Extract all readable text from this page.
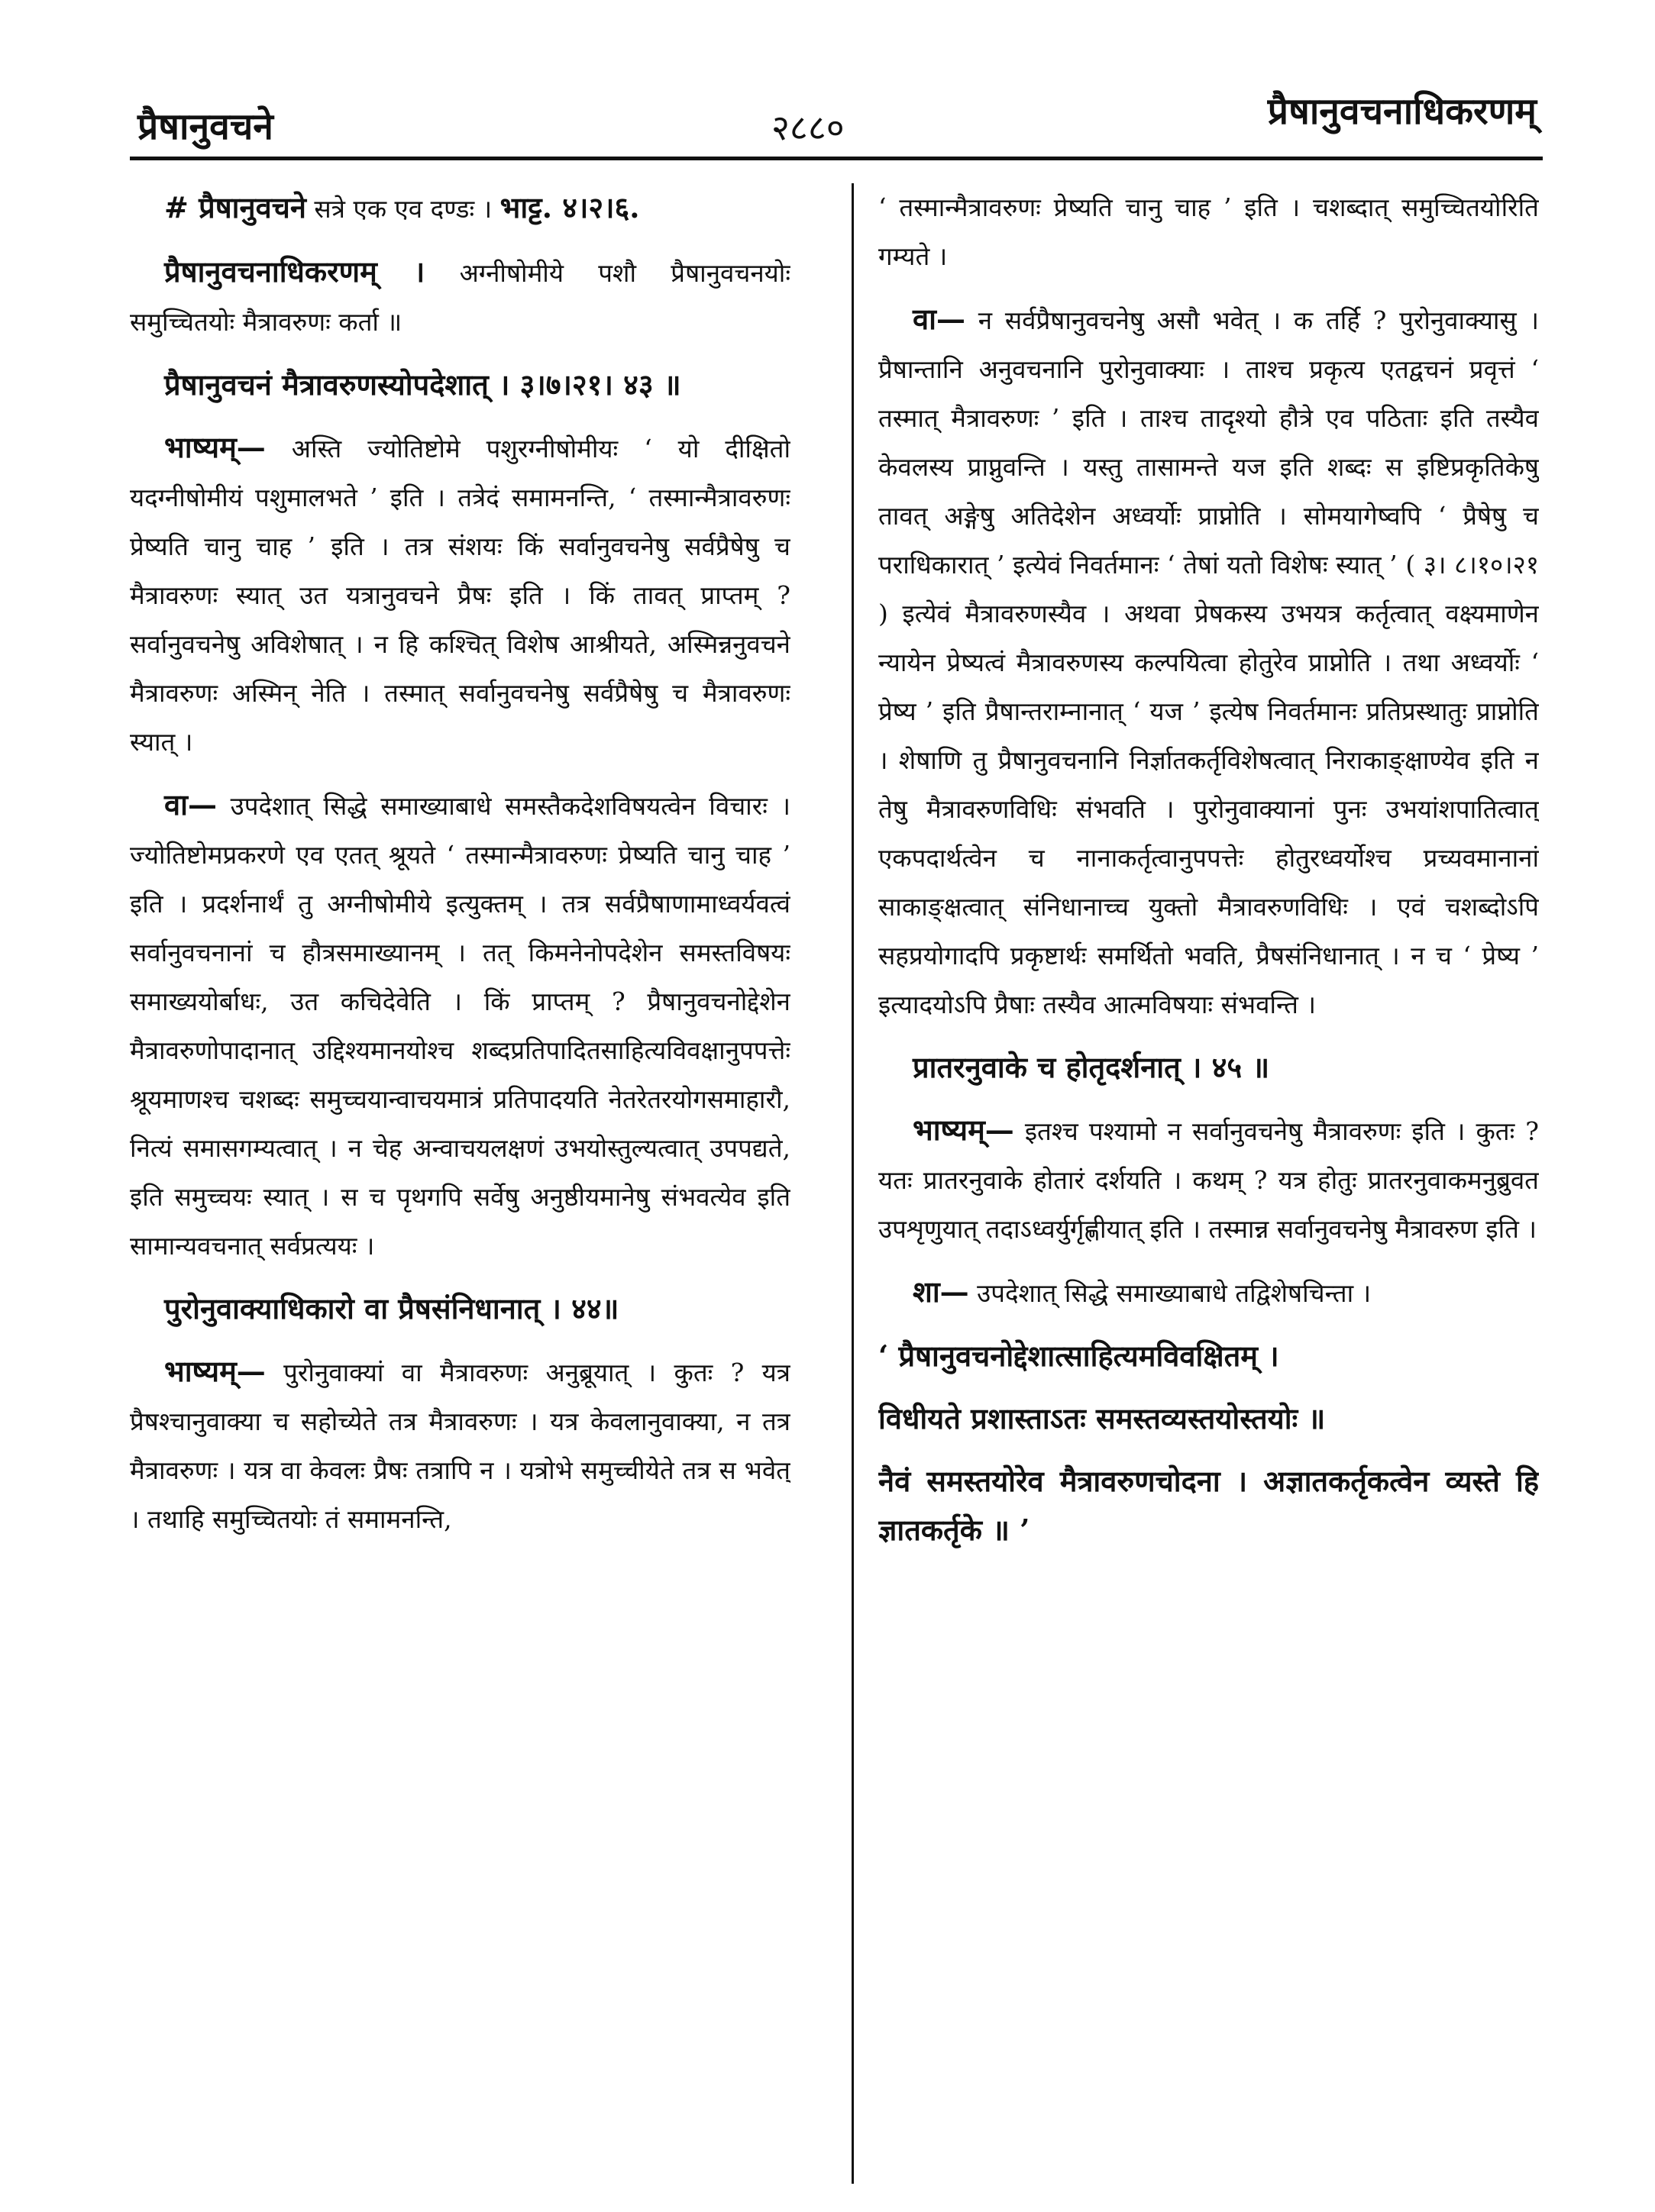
प्रैषानुवचने	२८८०	प्रैषानुवचनाधिकरणम्

# प्रैषानुवचने सत्रे एक एव दण्डः । भाट्ट. ४।२।६.

प्रैषानुवचनाधिकरणम् । अग्नीषोमीये पशौ प्रैषानुवचनयोः समुच्चितयोः मैत्रावरुणः कर्ता ॥

प्रैषानुवचनं मैत्रावरुणस्योपदेशात् । ३।७।२१। ४३ ॥

भाष्यम्— अस्ति ज्योतिष्टोमे पशुरग्नीषोमीयः ‘ यो दीक्षितो यदग्नीषोमीयं पशुमालभते ’ इति । तत्रेदं समामनन्ति, ‘ तस्मान्मैत्रावरुणः प्रेष्यति चानु चाह ’ इति । तत्र संशयः किं सर्वानुवचनेषु सर्वप्रैषेषु च मैत्रावरुणः स्यात् उत यत्रानुवचने प्रैषः इति । किं तावत् प्राप्तम् ? सर्वानुवचनेषु अविशेषात् । न हि कश्चित् विशेष आश्रीयते, अस्मिन्ननुवचने मैत्रावरुणः अस्मिन् नेति । तस्मात् सर्वानुवचनेषु सर्वप्रैषेषु च मैत्रावरुणः स्यात् ।

वा— उपदेशात् सिद्धे समाख्याबाधे समस्तैकदेशविषयत्वेन विचारः । ज्योतिष्टोमप्रकरणे एव एतत् श्रूयते ‘ तस्मान्मैत्रावरुणः प्रेष्यति चानु चाह ’ इति । प्रदर्शनार्थं तु अग्नीषोमीये इत्युक्तम् । तत्र सर्वप्रैषाणामाध्वर्यवत्वं सर्वानुवचनानां च हौत्रसमाख्यानम् । तत् किमनेनोपदेशेन समस्तविषयः समाख्ययोर्बाधः, उत कचिदेवेति । किं प्राप्तम् ? प्रैषानुवचनोद्देशेन मैत्रावरुणोपादानात् उद्दिश्यमानयोश्च शब्दप्रतिपादितसाहित्यविवक्षानुपपत्तेः श्रूयमाणश्च चशब्दः समुच्चयान्वाचयमात्रं प्रतिपादयति नेतरेतरयोगसमाहारौ, नित्यं समासगम्यत्वात् । न चेह अन्वाचयलक्षणं उभयोस्तुल्यत्वात् उपपद्यते, इति समुच्चयः स्यात् । स च पृथगपि सर्वेषु अनुष्ठीयमानेषु संभवत्येव इति सामान्यवचनात् सर्वप्रत्ययः ।

पुरोनुवाक्याधिकारो वा प्रैषसंनिधानात् । ४४॥

भाष्यम्— पुरोनुवाक्यां वा मैत्रावरुणः अनुब्रूयात् । कुतः ? यत्र प्रैषश्चानुवाक्या च सहोच्येते तत्र मैत्रावरुणः । यत्र केवलानुवाक्या, न तत्र मैत्रावरुणः । यत्र वा केवलः प्रैषः तत्रापि न । यत्रोभे समुच्चीयेते तत्र स भवेत् । तथाहि समुच्चितयोः तं समामनन्ति,

‘ तस्मान्मैत्रावरुणः प्रेष्यति चानु चाह ’ इति । चशब्दात् समुच्चितयोरिति गम्यते ।

वा— न सर्वप्रैषानुवचनेषु असौ भवेत् । क तर्हि ? पुरोनुवाक्यासु । प्रैषान्तानि अनुवचनानि पुरोनुवाक्याः । ताश्च प्रकृत्य एतद्वचनं प्रवृत्तं ‘ तस्मात् मैत्रावरुणः ’ इति । ताश्च तादृश्यो हौत्रे एव पठिताः इति तस्यैव केवलस्य प्राप्नुवन्ति । यस्तु तासामन्ते यज इति शब्दः स इष्टिप्रकृतिकेषु तावत् अङ्गेषु अतिदेशेन अध्वर्योः प्राप्नोति । सोमयागेष्वपि ‘ प्रैषेषु च पराधिकारात् ’ इत्येवं निवर्तमानः ‘ तेषां यतो विशेषः स्यात् ’ ( ३। ८।१०।२१ ) इत्येवं मैत्रावरुणस्यैव । अथवा प्रेषकस्य उभयत्र कर्तृत्वात् वक्ष्यमाणेन न्यायेन प्रेष्यत्वं मैत्रावरुणस्य कल्पयित्वा होतुरेव प्राप्नोति । तथा अध्वर्योः ‘ प्रेष्य ’ इति प्रैषान्तराम्नानात् ‘ यज ’ इत्येष निवर्तमानः प्रतिप्रस्थातुः प्राप्नोति । शेषाणि तु प्रैषानुवचनानि निर्ज्ञातकर्तृविशेषत्वात् निराकाङ्क्षाण्येव इति न तेषु मैत्रावरुणविधिः संभवति । पुरोनुवाक्यानां पुनः उभयांशपातित्वात् एकपदार्थत्वेन च नानाकर्तृत्वानुपपत्तेः होतुरध्वर्योश्च प्रच्यवमानानां साकाङ्क्षत्वात् संनिधानाच्च युक्तो मैत्रावरुणविधिः । एवं चशब्दोऽपि सहप्रयोगादपि प्रकृष्टार्थः समर्थितो भवति, प्रैषसंनिधानात् । न च ‘ प्रेष्य ’ इत्यादयोऽपि प्रैषाः तस्यैव आत्मविषयाः संभवन्ति ।

प्रातरनुवाके च होतृदर्शनात् । ४५ ॥

भाष्यम्— इतश्च पश्यामो न सर्वानुवचनेषु मैत्रावरुणः इति । कुतः ? यतः प्रातरनुवाके होतारं दर्शयति । कथम् ? यत्र होतुः प्रातरनुवाकमनुब्रुवत उपशृणुयात् तदाऽध्वर्युर्गृह्णीयात् इति । तस्मान्न सर्वानुवचनेषु मैत्रावरुण इति ।

शा— उपदेशात् सिद्धे समाख्याबाधे तद्विशेषचिन्ता ।

‘ प्रैषानुवचनोद्देशात्साहित्यमविवक्षितम् ।

विधीयते प्रशास्ताऽतः समस्तव्यस्तयोस्तयोः ॥

नैवं समस्तयोरेव मैत्रावरुणचोदना । अज्ञातकर्तृकत्वेन व्यस्ते हि ज्ञातकर्तृके ॥ ’
